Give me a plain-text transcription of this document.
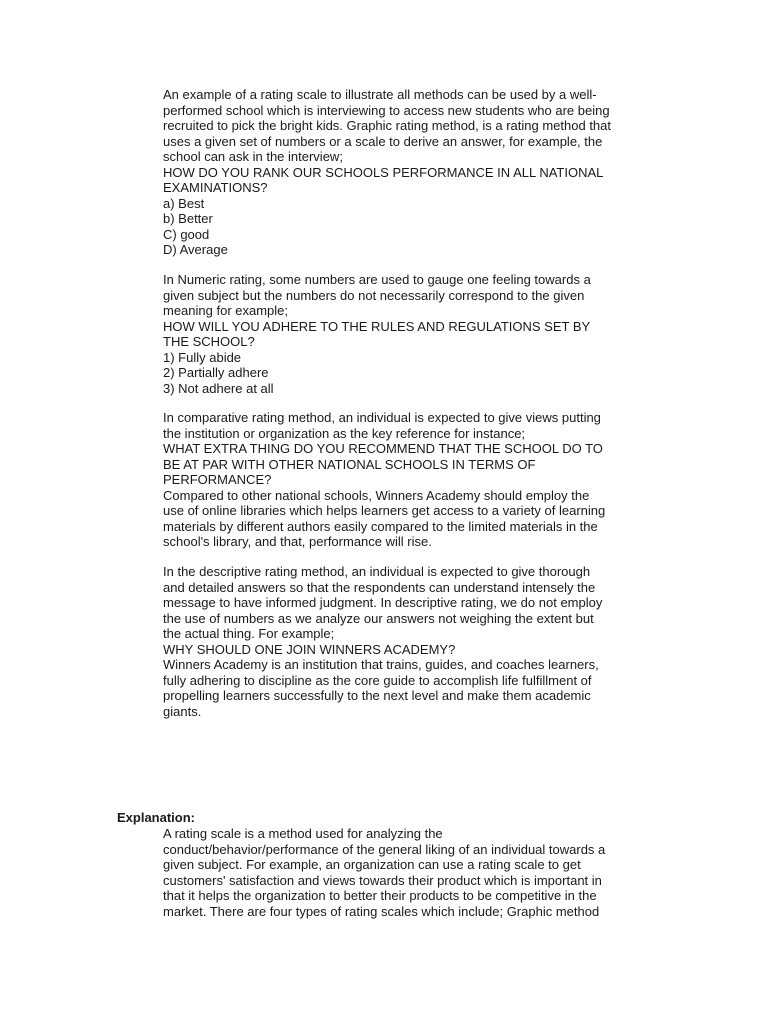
An example of a rating scale to illustrate all methods can be used by a well-
performed school which is interviewing to access new students who are being
recruited to pick the bright kids. Graphic rating method, is a rating method that
uses a given set of numbers or a scale to derive an answer, for example, the
school can ask in the interview;
HOW DO YOU RANK OUR SCHOOLS PERFORMANCE IN ALL NATIONAL
EXAMINATIONS?
a) Best
b) Better
C) good
D) Average
In Numeric rating, some numbers are used to gauge one feeling towards a
given subject but the numbers do not necessarily correspond to the given
meaning for example;
HOW WILL YOU ADHERE TO THE RULES AND REGULATIONS SET BY
THE SCHOOL?
1) Fully abide
2) Partially adhere
3) Not adhere at all
In comparative rating method, an individual is expected to give views putting
the institution or organization as the key reference for instance;
WHAT EXTRA THING DO YOU RECOMMEND THAT THE SCHOOL DO TO
BE AT PAR WITH OTHER NATIONAL SCHOOLS IN TERMS OF
PERFORMANCE?
Compared to other national schools, Winners Academy should employ the
use of online libraries which helps learners get access to a variety of learning
materials by different authors easily compared to the limited materials in the
school's library, and that, performance will rise.
In the descriptive rating method, an individual is expected to give thorough
and detailed answers so that the respondents can understand intensely the
message to have informed judgment. In descriptive rating, we do not employ
the use of numbers as we analyze our answers not weighing the extent but
the actual thing. For example;
WHY SHOULD ONE JOIN WINNERS ACADEMY?
Winners Academy is an institution that trains, guides, and coaches learners,
fully adhering to discipline as the core guide to accomplish life fulfillment of
propelling learners successfully to the next level and make them academic
giants.
Explanation:
A rating scale is a method used for analyzing the
conduct/behavior/performance of the general liking of an individual towards a
given subject. For example, an organization can use a rating scale to get
customers' satisfaction and views towards their product which is important in
that it helps the organization to better their products to be competitive in the
market. There are four types of rating scales which include; Graphic method
